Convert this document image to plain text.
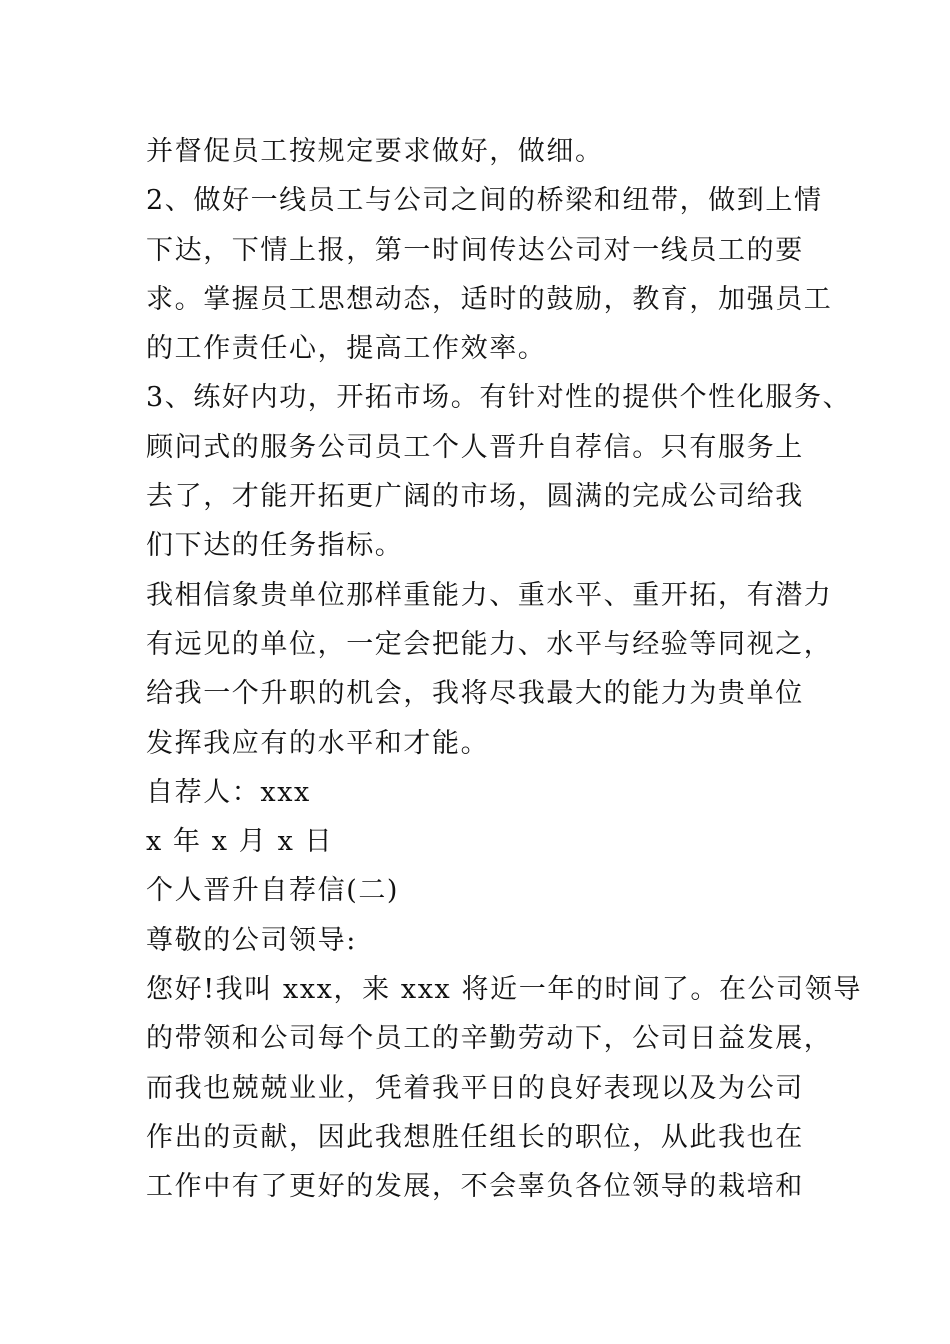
并督促员工按规定要求做好，做细。
2、做好一线员工与公司之间的桥梁和纽带，做到上情
下达，下情上报，第一时间传达公司对一线员工的要
求。掌握员工思想动态，适时的鼓励，教育，加强员工
的工作责任心，提高工作效率。
3、练好内功，开拓市场。有针对性的提供个性化服务、
顾问式的服务公司员工个人晋升自荐信。只有服务上
去了，才能开拓更广阔的市场，圆满的完成公司给我
们下达的任务指标。
我相信象贵单位那样重能力、重水平、重开拓，有潜力
有远见的单位，一定会把能力、水平与经验等同视之，
给我一个升职的机会，我将尽我最大的能力为贵单位
发挥我应有的水平和才能。
自荐人：xxx
x 年 x 月 x 日
个人晋升自荐信(二)
尊敬的公司领导:
您好!我叫 xxx，来 xxx 将近一年的时间了。在公司领导
的带领和公司每个员工的辛勤劳动下，公司日益发展，
而我也兢兢业业，凭着我平日的良好表现以及为公司
作出的贡献，因此我想胜任组长的职位，从此我也在
工作中有了更好的发展，不会辜负各位领导的栽培和
